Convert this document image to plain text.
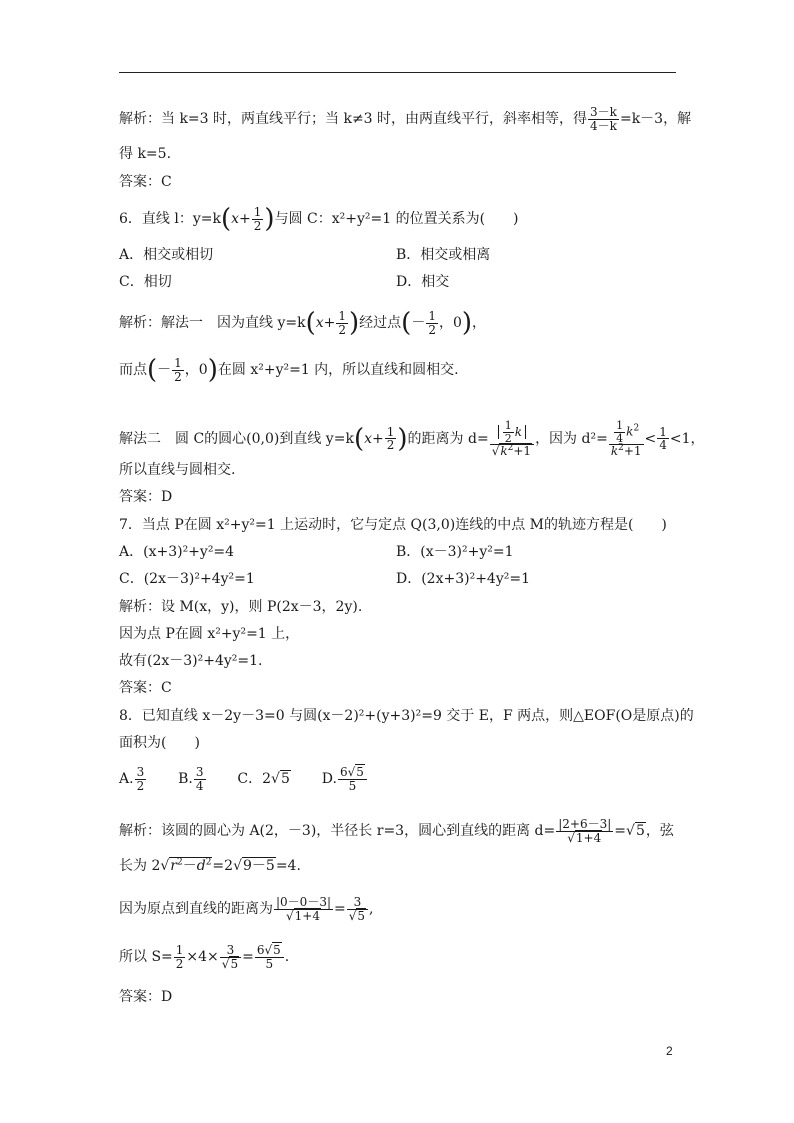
解析：当 k=3 时，两直线平行；当 k≠3 时，由两直线平行，斜率相等，得 $\frac{3-k}{4-k} =k-3$，解
得 k=5.
答案：C
6．直线 l：$y=k(x+ \frac{1}{2}$ )与圆 C：x²+y²=1 的位置关系为(　　)
A．相交或相切	B．相交或相离
C．相切	D．相交
解析：解法一　因为直线 $y=k(x+ \frac{1}{2}$ )经过点(－ $\frac{1}{2}$ ，0)，
而点(－ $\frac{1}{2}$ ，0)在圆 x²+y²=1 内，所以直线和圆相交.
解法二　圆 C的圆心(0,0)到直线 $y=k(x+ \frac{1}{2}$ )的距离为 $d= \frac{\frac{1}{2} k}{√k^2+1}$ ，因为 $d^2= \frac{\frac{1}{4} k^2}{k^2+1} < \frac{1}{4} <1$，
所以直线与圆相交.
答案：D
7．当点 P在圆 x²+y²=1 上运动时，它与定点 Q(3,0)连线的中点 M的轨迹方程是(　　)
A．(x+3)²+y²=4	B．(x－3)²+y²=1
C．(2x－3)²+4y²=1	D．(2x+3)²+4y²=1
解析：设 M(x，y)，则 P(2x－3，2y).
因为点 P在圆 x²+y²=1 上，
故有(2x－3)²+4y²=1.
答案：C
8．已知直线 x－2y－3=0 与圆(x－2)²+(y+3)²=9 交于 E，F 两点，则△EOF(O是原点)的
面积为(　　)
A. $\frac{3}{2} B$. $\frac{3}{4}$ C．2√5 D. $\frac{6√5}{5}$
解析：该圆的圆心为 A(2，－3)，半径长 r=3，圆心到直线的距离 $d= \frac{|2+6-3|}{√1+4} =√5$，弦
长为 $2√r^2-d^2=2√9-5=4$.
因为原点到直线的距离为 $\frac{|0-0-3|}{√1+4} = \frac{3}{√5}$ ,
所以 $S= \frac{1}{2} \times 4\times \frac{3}{√5} = \frac{6√5}{5}$ .
答案：D
2
